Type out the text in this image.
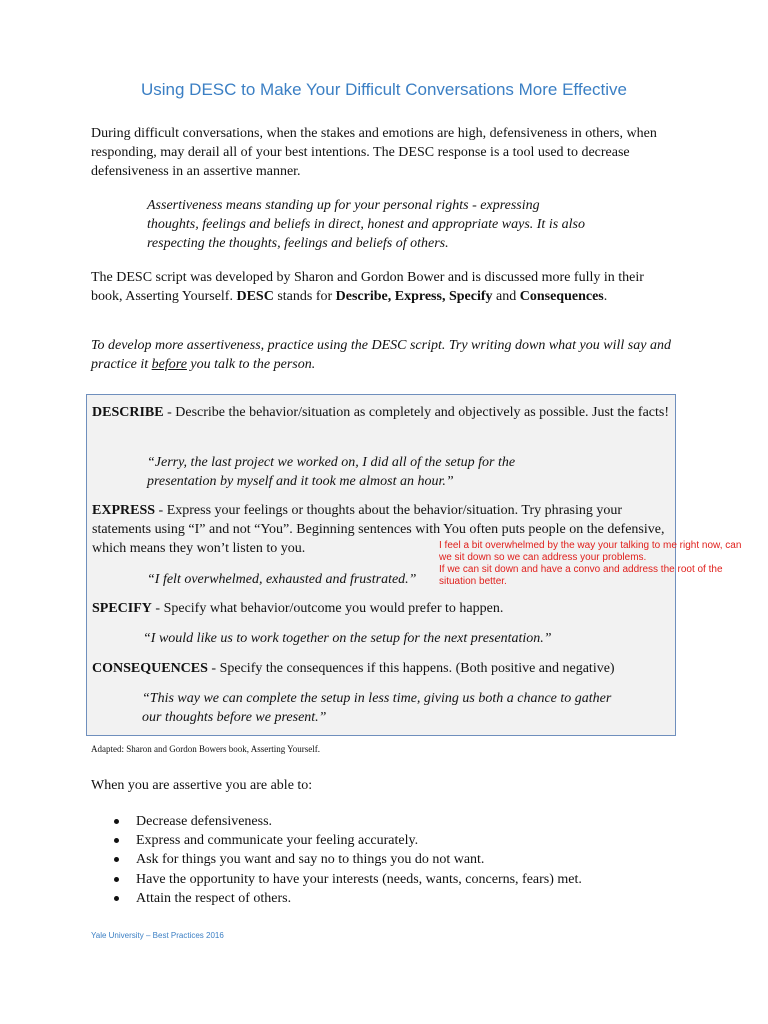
Using DESC to Make Your Difficult Conversations More Effective

During difficult conversations, when the stakes and emotions are high, defensiveness in others, when responding, may derail all of your best intentions. The DESC response is a tool used to decrease defensiveness in an assertive manner.

Assertiveness means standing up for your personal rights - expressing thoughts, feelings and beliefs in direct, honest and appropriate ways. It is also respecting the thoughts, feelings and beliefs of others.

The DESC script was developed by Sharon and Gordon Bower and is discussed more fully in their book, Asserting Yourself. DESC stands for Describe, Express, Specify and Consequences.

To develop more assertiveness, practice using the DESC script. Try writing down what you will say and practice it before you talk to the person.

DESCRIBE - Describe the behavior/situation as completely and objectively as possible. Just the facts!

“Jerry, the last project we worked on, I did all of the setup for the presentation by myself and it took me almost an hour.”

EXPRESS - Express your feelings or thoughts about the behavior/situation. Try phrasing your statements using “I” and not “You”. Beginning sentences with You often puts people on the defensive, which means they won’t listen to you.

“I felt overwhelmed, exhausted and frustrated.”

SPECIFY - Specify what behavior/outcome you would prefer to happen.

“I would like us to work together on the setup for the next presentation.”

CONSEQUENCES - Specify the consequences if this happens. (Both positive and negative)

“This way we can complete the setup in less time, giving us both a chance to gather our thoughts before we present.”

I feel a bit overwhelmed by the way your talking to me right now, can we sit down so we can address your problems.
If we can sit down and have a convo and address the root of the situation better.
Adapted: Sharon and Gordon Bowers book, Asserting Yourself.

When you are assertive you are able to:

Decrease defensiveness.
Express and communicate your feeling accurately.
Ask for things you want and say no to things you do not want.
Have the opportunity to have your interests (needs, wants, concerns, fears) met.
Attain the respect of others.
Yale University – Best Practices 2016
